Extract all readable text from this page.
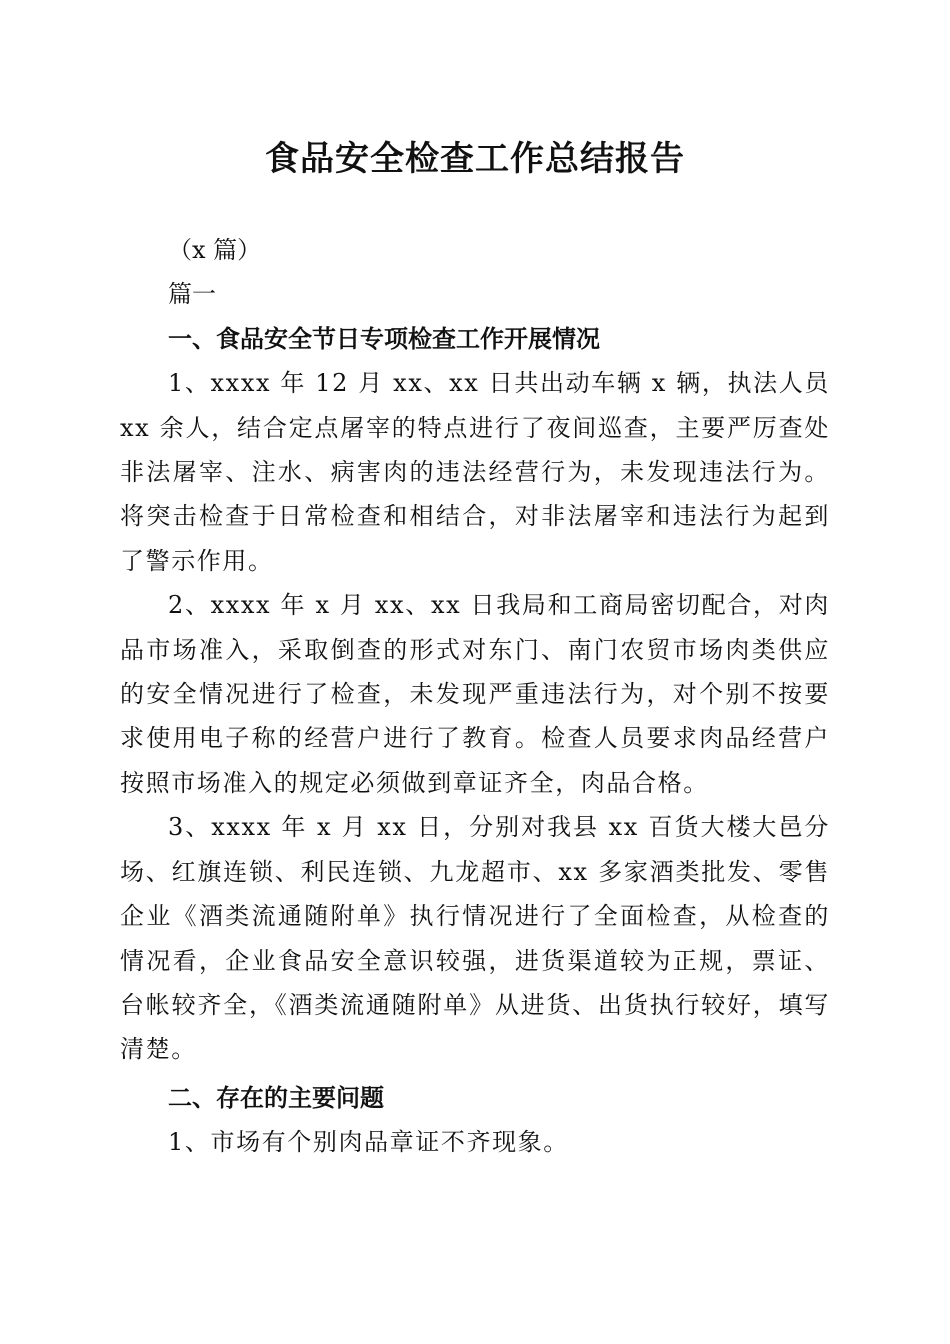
食品安全检查工作总结报告

（x 篇）

篇一

一、食品安全节日专项检查工作开展情况

1、xxxx 年 12 月 xx、xx 日共出动车辆 x 辆，执法人员 xx 余人，结合定点屠宰的特点进行了夜间巡查，主要严厉查处非法屠宰、注水、病害肉的违法经营行为，未发现违法行为。将突击检查于日常检查和相结合，对非法屠宰和违法行为起到了警示作用。

2、xxxx 年 x 月 xx、xx 日我局和工商局密切配合，对肉品市场准入，采取倒查的形式对东门、南门农贸市场肉类供应的安全情况进行了检查，未发现严重违法行为，对个别不按要求使用电子称的经营户进行了教育。检查人员要求肉品经营户按照市场准入的规定必须做到章证齐全，肉品合格。

3、xxxx 年 x 月 xx 日，分别对我县 xx 百货大楼大邑分场、红旗连锁、利民连锁、九龙超市、xx 多家酒类批发、零售企业《酒类流通随附单》执行情况进行了全面检查，从检查的情况看，企业食品安全意识较强，进货渠道较为正规，票证、台帐较齐全，《酒类流通随附单》从进货、出货执行较好，填写清楚。

二、存在的主要问题

1、市场有个别肉品章证不齐现象。
